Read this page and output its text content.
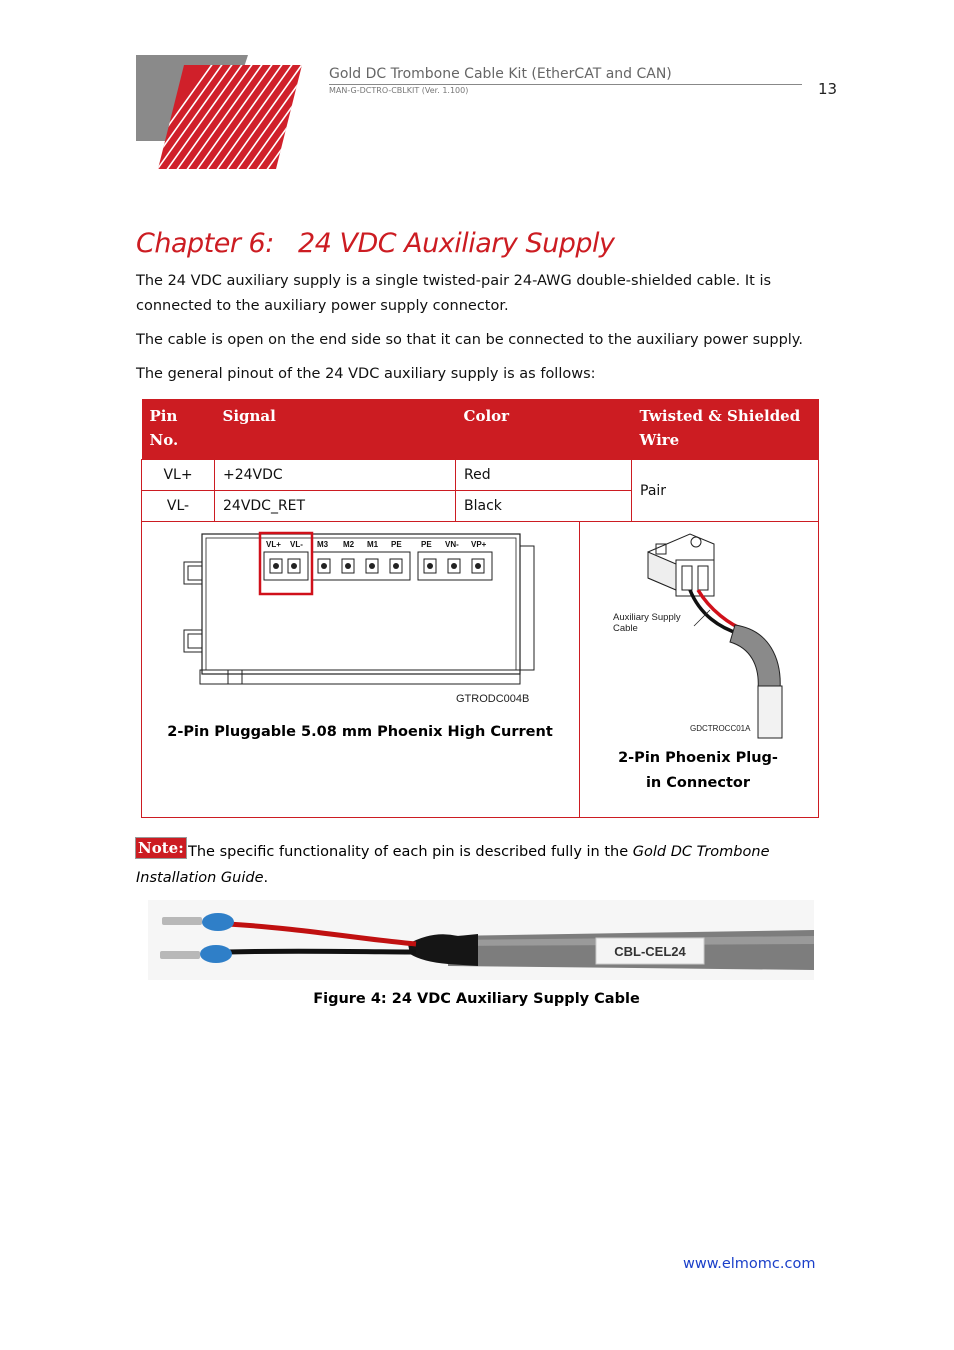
Gold DC Trombone Cable Kit (EtherCAT and CAN)
MAN-G-DCTRO-CBLKIT (Ver. 1.100)	13
Chapter 6:   24 VDC Auxiliary Supply
The 24 VDC auxiliary supply is a single twisted-pair 24-AWG double-shielded cable. It is connected to the auxiliary power supply connector.
The cable is open on the end side so that it can be connected to the auxiliary power supply.
The general pinout of the 24 VDC auxiliary supply is as follows:
Pin No.	Signal	Color	Twisted & Shielded Wire
VL+	+24VDC	Red	Pair
VL-	24VDC_RET	Black	
VL+ VL- M3 M2 M1 PE PE VN- VP+
GTRODC004B
2-Pin Pluggable 5.08 mm Phoenix High Current
Auxiliary Supply Cable
GDCTROCC01A
2-Pin Phoenix Plug-in Connector
The specific functionality of each pin is described fully in the Gold DC Trombone Installation Guide.
Note:
CBL-CEL24
Figure 4: 24 VDC Auxiliary Supply Cable
www.elmomc.com
